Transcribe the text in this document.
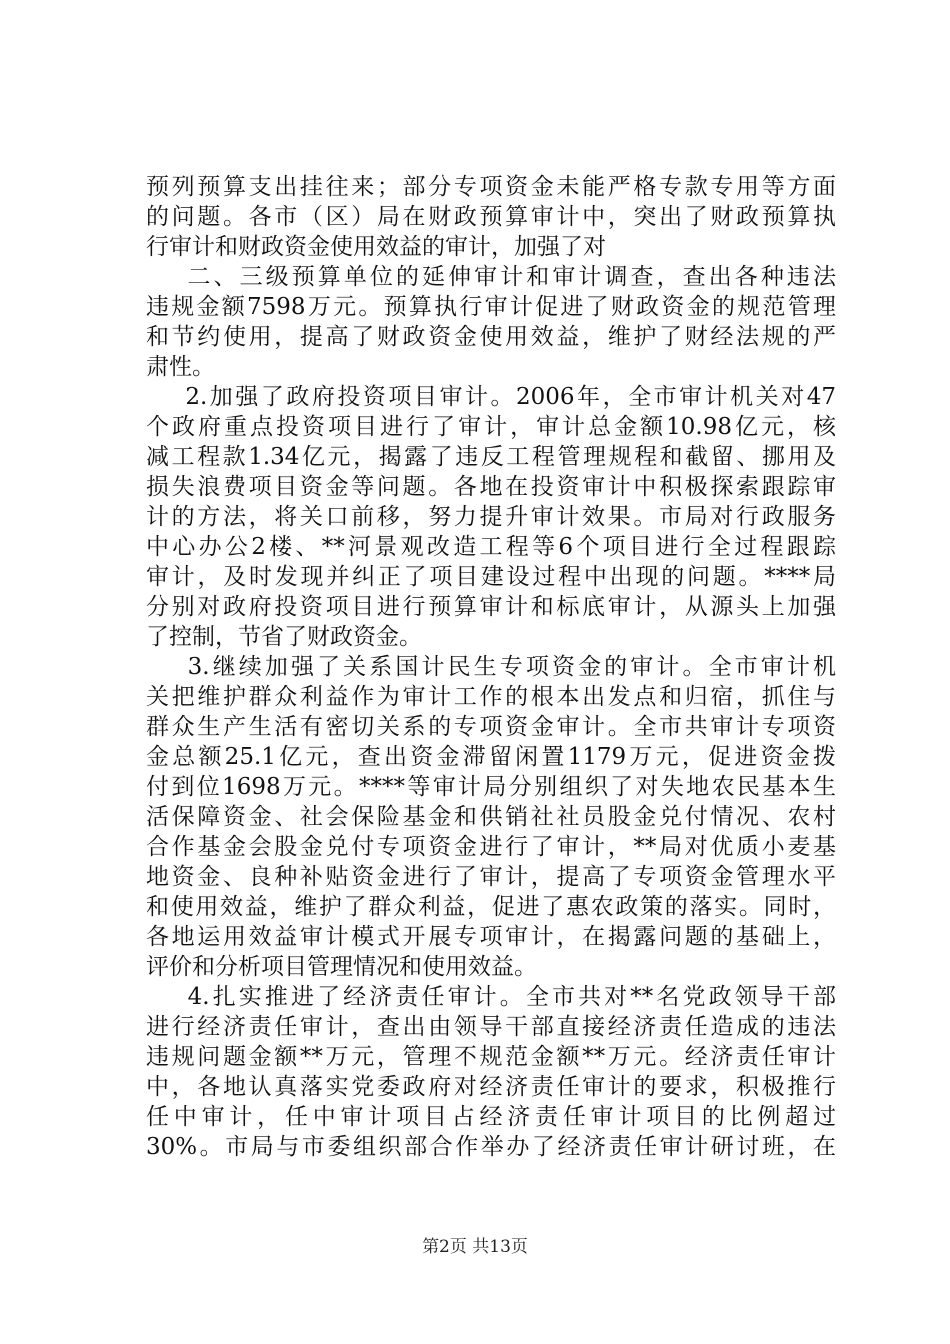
预列预算支出挂往来；部分专项资金未能严格专款专用等方面
的问题。各市（区）局在财政预算审计中，突出了财政预算执
行审计和财政资金使用效益的审计，加强了对
二、三级预算单位的延伸审计和审计调查，查出各种违法
违规金额7598万元。预算执行审计促进了财政资金的规范管理
和节约使用，提高了财政资金使用效益，维护了财经法规的严
肃性。
2.加强了政府投资项目审计。2006年，全市审计机关对47
个政府重点投资项目进行了审计，审计总金额10.98亿元，核
减工程款1.34亿元，揭露了违反工程管理规程和截留、挪用及
损失浪费项目资金等问题。各地在投资审计中积极探索跟踪审
计的方法，将关口前移，努力提升审计效果。市局对行政服务
中心办公2楼、**河景观改造工程等6个项目进行全过程跟踪
审计，及时发现并纠正了项目建设过程中出现的问题。****局
分别对政府投资项目进行预算审计和标底审计，从源头上加强
了控制，节省了财政资金。
3.继续加强了关系国计民生专项资金的审计。全市审计机
关把维护群众利益作为审计工作的根本出发点和归宿，抓住与
群众生产生活有密切关系的专项资金审计。全市共审计专项资
金总额25.1亿元，查出资金滞留闲置1179万元，促进资金拨
付到位1698万元。****等审计局分别组织了对失地农民基本生
活保障资金、社会保险基金和供销社社员股金兑付情况、农村
合作基金会股金兑付专项资金进行了审计，**局对优质小麦基
地资金、良种补贴资金进行了审计，提高了专项资金管理水平
和使用效益，维护了群众利益，促进了惠农政策的落实。同时，
各地运用效益审计模式开展专项审计，在揭露问题的基础上，
评价和分析项目管理情况和使用效益。
4.扎实推进了经济责任审计。全市共对**名党政领导干部
进行经济责任审计，查出由领导干部直接经济责任造成的违法
违规问题金额**万元，管理不规范金额**万元。经济责任审计
中，各地认真落实党委政府对经济责任审计的要求，积极推行
任中审计，任中审计项目占经济责任审计项目的比例超过
30%。市局与市委组织部合作举办了经济责任审计研讨班，在
第2页 共13页
